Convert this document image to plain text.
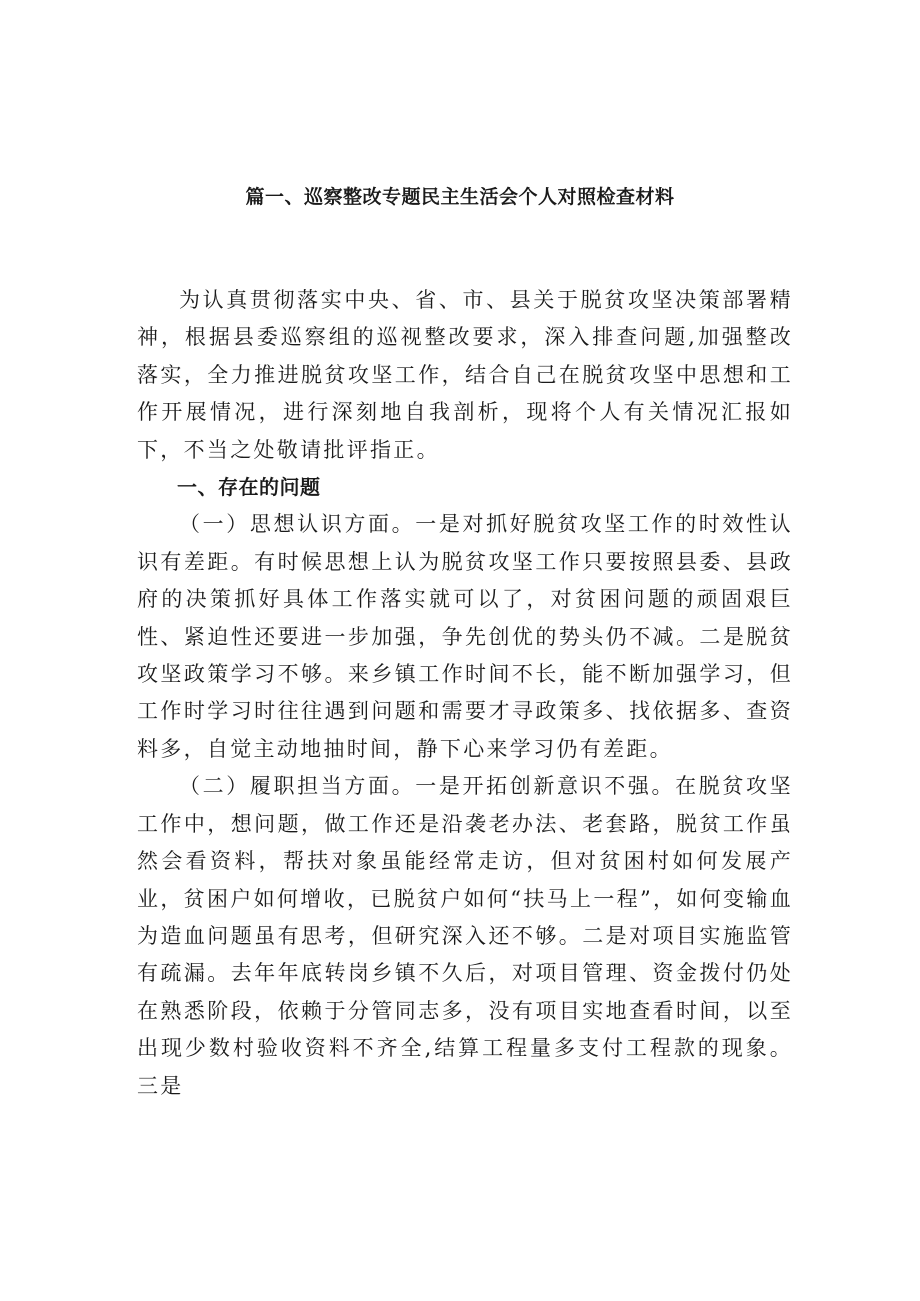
篇一、巡察整改专题民主生活会个人对照检查材料

为认真贯彻落实中央、省、市、县关于脱贫攻坚决策部署精神，根据县委巡察组的巡视整改要求，深入排查问题,加强整改落实，全力推进脱贫攻坚工作，结合自己在脱贫攻坚中思想和工作开展情况，进行深刻地自我剖析，现将个人有关情况汇报如下，不当之处敬请批评指正。

一、存在的问题

（一）思想认识方面。一是对抓好脱贫攻坚工作的时效性认识有差距。有时候思想上认为脱贫攻坚工作只要按照县委、县政府的决策抓好具体工作落实就可以了，对贫困问题的顽固艰巨性、紧迫性还要进一步加强，争先创优的势头仍不减。二是脱贫攻坚政策学习不够。来乡镇工作时间不长，能不断加强学习，但工作时学习时往往遇到问题和需要才寻政策多、找依据多、查资料多，自觉主动地抽时间，静下心来学习仍有差距。

（二）履职担当方面。一是开拓创新意识不强。在脱贫攻坚工作中，想问题，做工作还是沿袭老办法、老套路，脱贫工作虽然会看资料，帮扶对象虽能经常走访，但对贫困村如何发展产业，贫困户如何增收，已脱贫户如何“扶马上一程”，如何变输血为造血问题虽有思考，但研究深入还不够。二是对项目实施监管有疏漏。去年年底转岗乡镇不久后，对项目管理、资金拨付仍处在熟悉阶段，依赖于分管同志多，没有项目实地查看时间，以至出现少数村验收资料不齐全,结算工程量多支付工程款的现象。三是
